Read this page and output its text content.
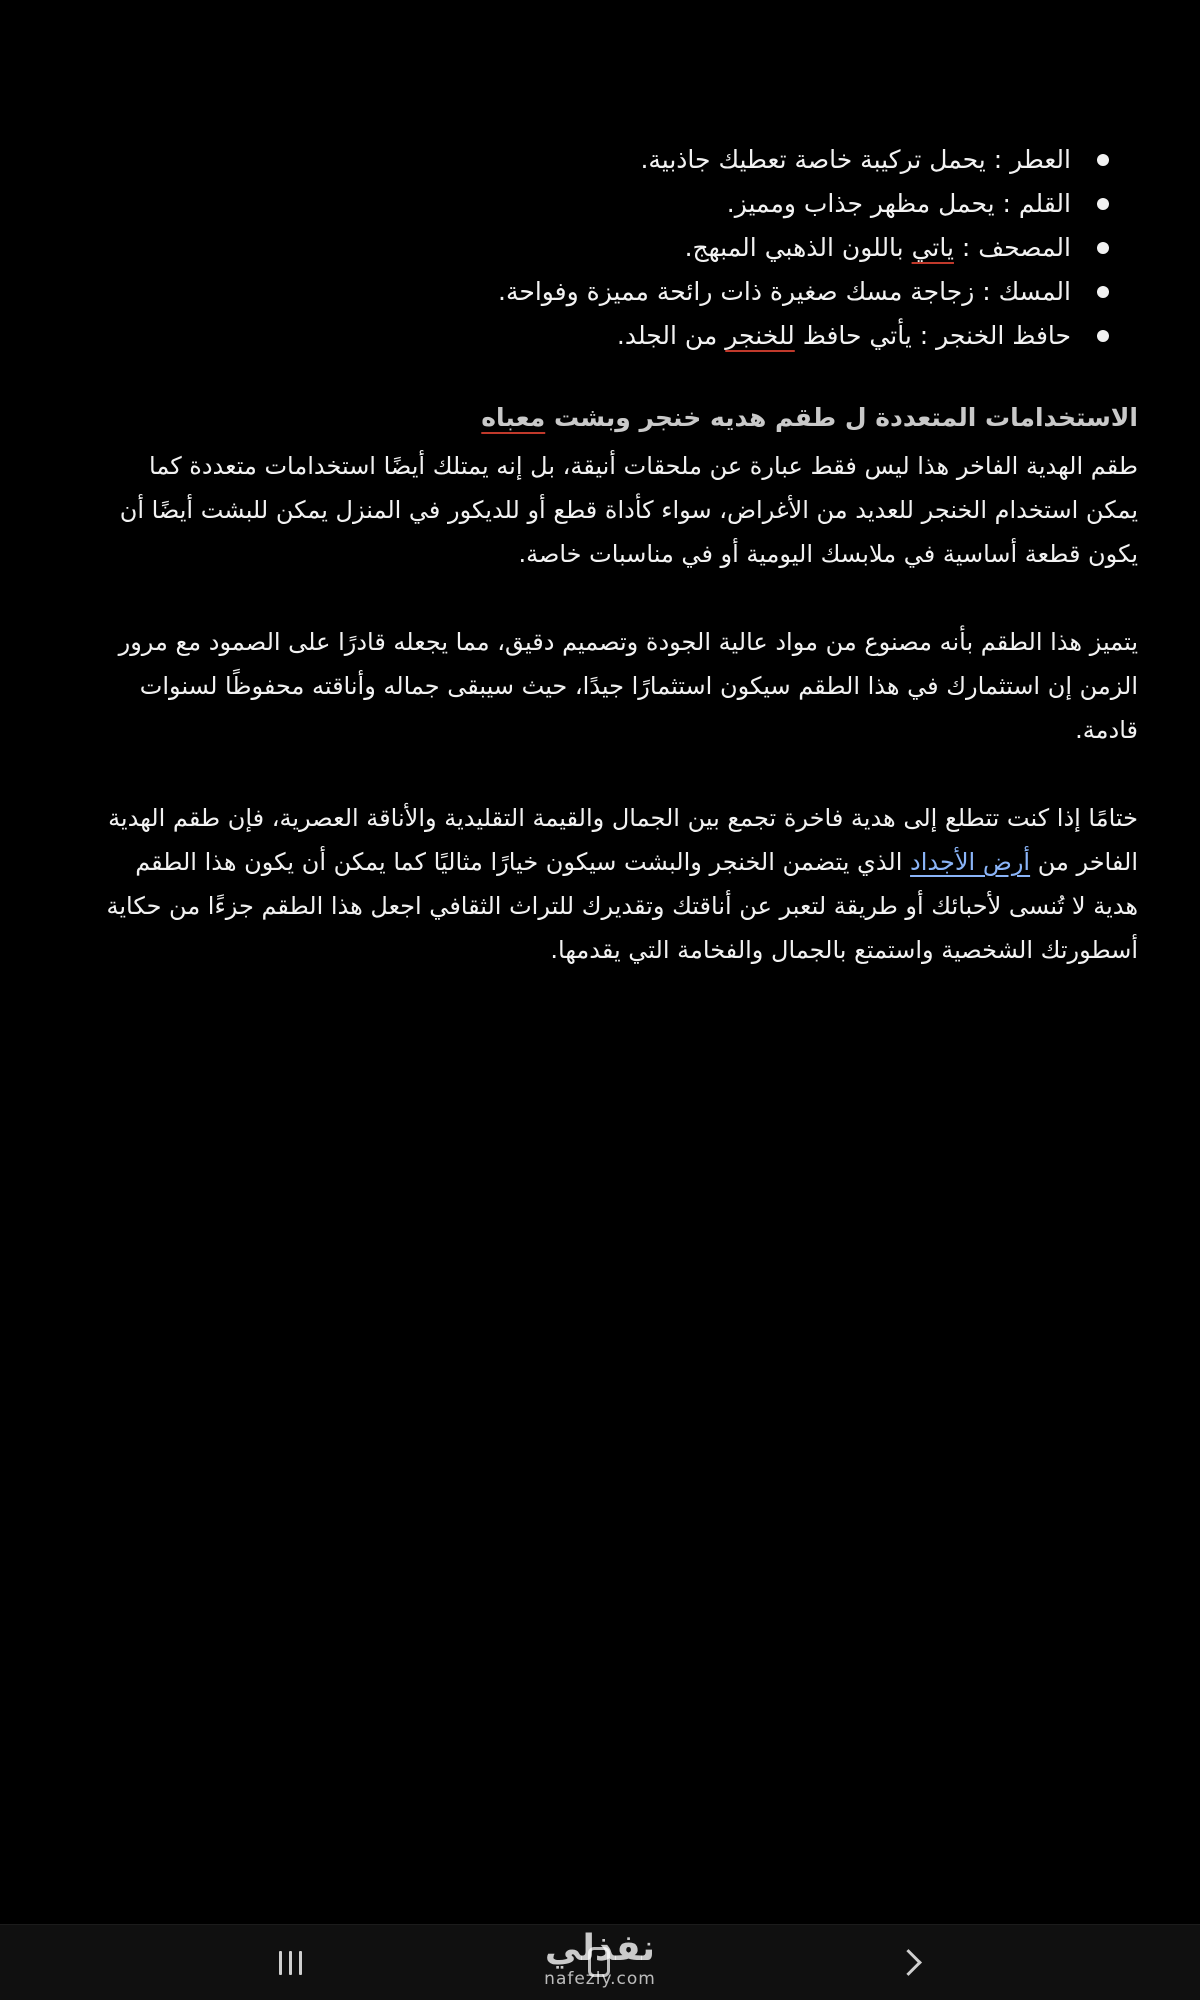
العطر : يحمل تركيبة خاصة تعطيك جاذبية.
القلم : يحمل مظهر جذاب ومميز.
المصحف : ياتي باللون الذهبي المبهج.
المسك : زجاجة مسك صغيرة ذات رائحة مميزة وفواحة.
حافظ الخنجر : يأتي حافظ للخنجر من الجلد.
الاستخدامات المتعددة ل طقم هديه خنجر وبشت معباه

طقم الهدية الفاخر هذا ليس فقط عبارة عن ملحقات أنيقة، بل إنه يمتلك أيضًا استخدامات متعددة كما يمكن استخدام الخنجر للعديد من الأغراض، سواء كأداة قطع أو للديكور في المنزل يمكن للبشت أيضًا أن يكون قطعة أساسية في ملابسك اليومية أو في مناسبات خاصة.

يتميز هذا الطقم بأنه مصنوع من مواد عالية الجودة وتصميم دقيق، مما يجعله قادرًا على الصمود مع مرور الزمن إن استثمارك في هذا الطقم سيكون استثمارًا جيدًا، حيث سيبقى جماله وأناقته محفوظًا لسنوات قادمة.

ختامًا إذا كنت تتطلع إلى هدية فاخرة تجمع بين الجمال والقيمة التقليدية والأناقة العصرية، فإن طقم الهدية الفاخر من أرض الأجداد الذي يتضمن الخنجر والبشت سيكون خيارًا مثاليًا كما يمكن أن يكون هذا الطقم هدية لا تُنسى لأحبائك أو طريقة لتعبر عن أناقتك وتقديرك للتراث الثقافي اجعل هذا الطقم جزءًا من حكاية أسطورتك الشخصية واستمتع بالجمال والفخامة التي يقدمها.

نفذلي
nafezly.com
